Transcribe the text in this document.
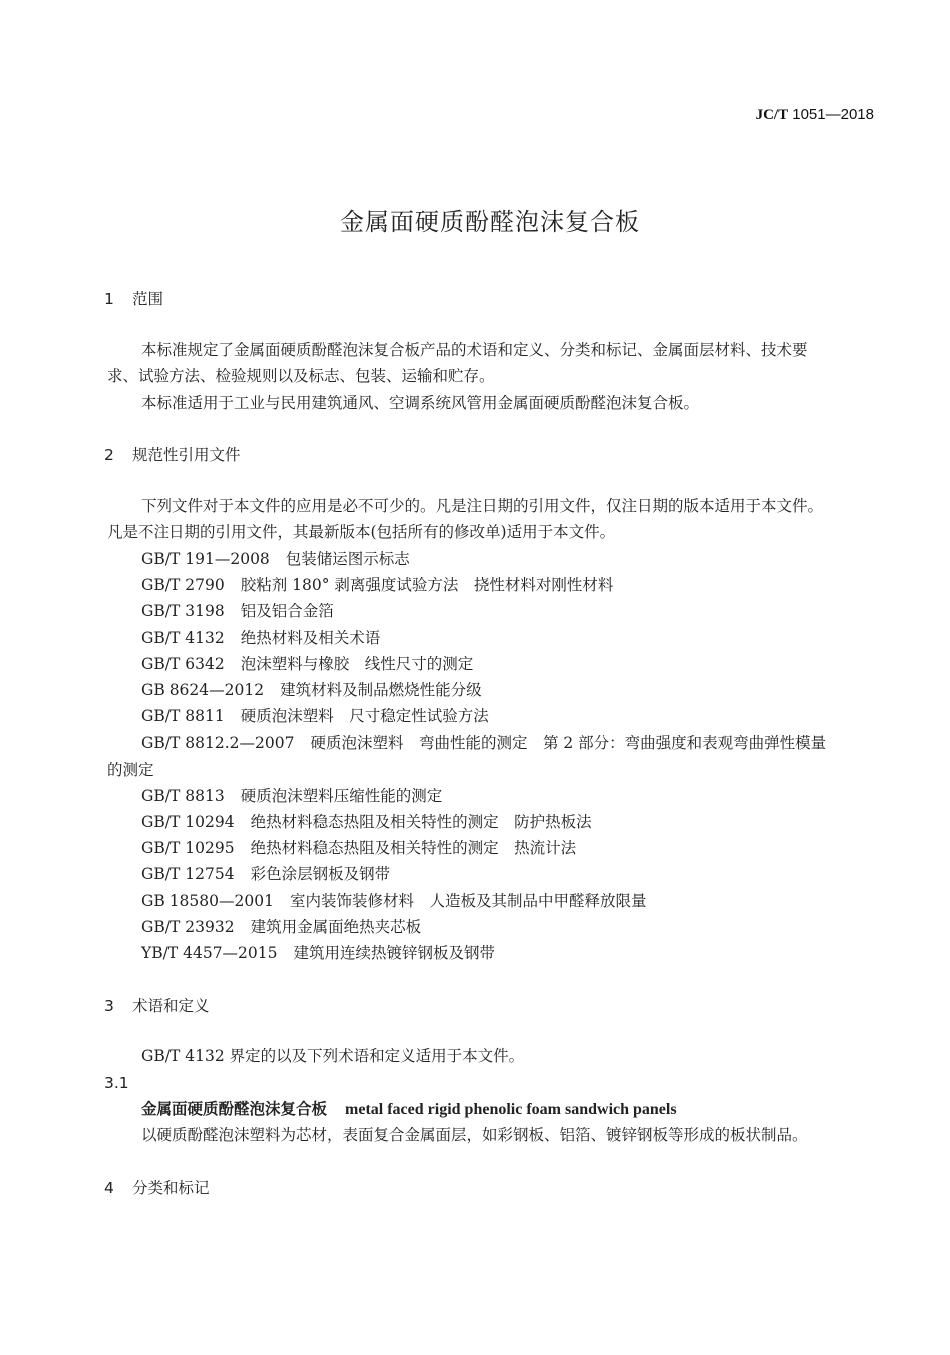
JC/T 1051—2018
金属面硬质酚醛泡沫复合板
1 范围
本标准规定了金属面硬质酚醛泡沫复合板产品的术语和定义、分类和标记、金属面层材料、技术要
求、试验方法、检验规则以及标志、包装、运输和贮存。
本标准适用于工业与民用建筑通风、空调系统风管用金属面硬质酚醛泡沫复合板。
2 规范性引用文件
下列文件对于本文件的应用是必不可少的。凡是注日期的引用文件，仅注日期的版本适用于本文件。
凡是不注日期的引用文件，其最新版本(包括所有的修改单)适用于本文件。
GB/T 191—2008 包装储运图示标志
GB/T 2790 胶粘剂 180° 剥离强度试验方法　挠性材料对刚性材料
GB/T 3198 铝及铝合金箔
GB/T 4132 绝热材料及相关术语
GB/T 6342 泡沫塑料与橡胶　线性尺寸的测定
GB 8624—2012 建筑材料及制品燃烧性能分级
GB/T 8811 硬质泡沫塑料　尺寸稳定性试验方法
GB/T 8812.2—2007 硬质泡沫塑料　弯曲性能的测定　第 2 部分：弯曲强度和表观弯曲弹性模量
的测定
GB/T 8813 硬质泡沫塑料压缩性能的测定
GB/T 10294 绝热材料稳态热阻及相关特性的测定　防护热板法
GB/T 10295 绝热材料稳态热阻及相关特性的测定　热流计法
GB/T 12754 彩色涂层钢板及钢带
GB 18580—2001 室内装饰装修材料　人造板及其制品中甲醛释放限量
GB/T 23932 建筑用金属面绝热夹芯板
YB/T 4457—2015 建筑用连续热镀锌钢板及钢带
3 术语和定义
GB/T 4132 界定的以及下列术语和定义适用于本文件。
3.1
金属面硬质酚醛泡沫复合板 metal faced rigid phenolic foam sandwich panels
以硬质酚醛泡沫塑料为芯材，表面复合金属面层，如彩钢板、铝箔、镀锌钢板等形成的板状制品。
4 分类和标记
